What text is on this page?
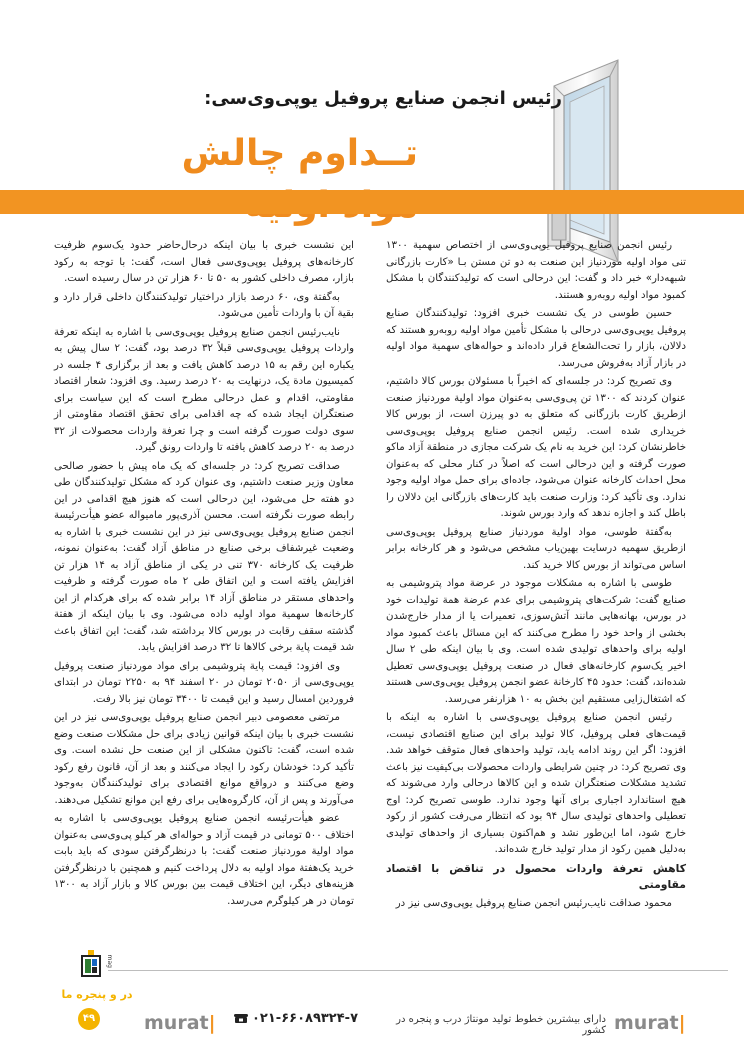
رئیس انجمن صنایع پروفیل یوپی‌وی‌سی:
تــداوم چالش

رئیس انجمن صنایع پروفیل یوپی‌وی‌سی از اختصاص سهمیة ۱۳۰۰ تنی مواد اولیه موردنیاز این صنعت به دو تن مستن بـا «کارت بازرگانی شبهه‌دار» خبر داد و گفت: این درحالی است که تولیدکنندگان با مشکل کمبود مواد اولیه روبه‌رو هستند.

حسین طوسی در یک نشست خبری افزود: تولیدکنندگان صنایع پروفیل یوپی‌وی‌سی درحالی با مشکل تأمین مواد اولیه روبه‌رو هستند که دلالان، بازار را تحت‌الشعاع قرار داده‌اند و حواله‌های سهمیة مواد اولیه در بازار آزاد به‌فروش می‌رسد.

وی تصریح کرد: در جلسه‌ای که اخیراً با مسئولان بورس کالا داشتیم، عنوان کردند که ۱۳۰۰ تن پی‌وی‌سی به‌عنوان مواد اولیة موردنیاز صنعت ازطریق کارت بازرگانی که متعلق به دو پیرزن است، از بورس کالا خریداری شده است. رئیس انجمن صنایع پروفیل یوپی‌وی‌سی خاطرنشان کرد: این خرید به نام یک شرکت مجازی در منطقة آزاد ماکو صورت گرفته و این درحالی است که اصلاً در کنار محلی که به‌عنوان محل احداث کارخانه عنوان می‌شود، جاده‌ای برای حمل مواد اولیه وجود ندارد. وی تأکید کرد: وزارت صنعت باید کارت‌های بازرگانی این دلالان را باطل کند و اجازه ندهد که وارد بورس شوند.

به‌گفتة طوسی، مواد اولیة موردنیاز صنایع پروفیل یوپی‌وی‌سی ازطریق سهمیه درسایت بهین‌یاب مشخص می‌شود و هر کارخانه برابر اساس می‌تواند از بورس کالا خرید کند.

طوسی با اشاره به مشکلات موجود در عرضة مواد پتروشیمی به صنایع گفت: شرکت‌های پتروشیمی برای عدم عرضة همة تولیدات خود در بورس، بهانه‌هایی مانند آتش‌سوزی، تعمیرات یا از مدار خارج‌شدن بخشی از واحد خود را مطرح می‌کنند که این مسائل باعث کمبود مواد اولیه برای واحدهای تولیدی شده است. وی با بیان اینکه طی ۲ سال اخیر یک‌سوم کارخانه‌های فعال در صنعت پروفیل یوپی‌وی‌سی تعطیل شده‌اند، گفت: حدود ۴۵ کارخانة عضو انجمن پروفیل یوپی‌وی‌سی هستند که اشتغال‌زایی مستقیم این بخش به ۱۰ هزارنفر می‌رسد.

رئیس انجمن صنایع پروفیل یوپی‌وی‌سی با اشاره به اینکه با قیمت‌های فعلی پروفیل، کالا تولید برای این صنایع اقتصادی نیست، افزود: اگر این روند ادامه یابد، تولید واحدهای فعال متوقف خواهد شد. وی تصریح کرد: در چنین شرایطی واردات محصولات بی‌کیفیت نیز باعث تشدید مشکلات صنعتگران شده و این کالاها درحالی وارد می‌شوند که هیچ استاندارد اجباری برای آنها وجود ندارد. طوسی تصریح کرد: اوج تعطیلی واحدهای تولیدی سال ۹۴ بود که انتظار می‌رفت کشور از رکود خارج شود، اما این‌طور نشد و هم‌اکنون بسیاری از واحدهای تولیدی به‌دلیل همین رکود از مدار تولید خارج شده‌اند.

کاهش تعرفة واردات محصول در تناقض با اقتصاد مقاومتی

محمود صداقت نایب‌رئیس انجمن صنایع پروفیل یوپی‌وی‌سی نیز در

این نشست خبری با بیان اینکه درحال‌حاضر حدود یک‌سوم ظرفیت کارخانه‌های پروفیل یوپی‌وی‌سی فعال است، گفت: با توجه به رکود بازار، مصرف داخلی کشور به ۵۰ تا ۶۰ هزار تن در سال رسیده است.

به‌گفتة وی، ۶۰ درصد بازار دراختیار تولیدکنندگان داخلی قرار دارد و بقیة آن با واردات تأمین می‌شود.

نایب‌رئیس انجمن صنایع پروفیل یوپی‌وی‌سی با اشاره به اینکه تعرفة واردات پروفیل یوپی‌وی‌سی قبلاً ۳۲ درصد بود، گفت: ۲ سال پیش به یکباره این رقم به ۱۵ درصد کاهش یافت و بعد از برگزاری ۴ جلسه در کمیسیون مادة یک، درنهایت به ۲۰ درصد رسید. وی افزود: شعار اقتصاد مقاومتی، اقدام و عمل درحالی مطرح است که این سیاست برای صنعتگران ایجاد شده که چه اقدامی برای تحقق اقتصاد مقاومتی از سوی دولت صورت گرفته است و چرا تعرفة واردات محصولات از ۳۲ درصد به ۲۰ درصد کاهش یافته تا واردات رونق گیرد.

صداقت تصریح کرد: در جلسه‌ای که یک ماه پیش با حضور صالحی معاون وزیر صنعت داشتیم، وی عنوان کرد که مشکل تولیدکنندگان طی دو هفته حل می‌شود، این درحالی است که هنوز هیچ اقدامی در این رابطه صورت نگرفته است. محسن آذری‌پور مامیواله عضو هیأت‌رئیسة انجمن صنایع پروفیل یوپی‌وی‌سی نیز در این نشست خبری با اشاره به وضعیت غیرشفاف برخی صنایع در مناطق آزاد گفت: به‌عنوان نمونه، ظرفیت یک کارخانه ۳۷۰ تنی در یکی از مناطق آزاد به ۱۴ هزار تن افزایش یافته است و این اتفاق طی ۲ ماه صورت گرفته و ظرفیت واحدهای مستقر در مناطق آزاد ۱۴ برابر شده که برای هرکدام از این کارخانه‌ها سهمیة مواد اولیه داده می‌شود. وی با بیان اینکه از هفتة گذشته سقف رقابت در بورس کالا برداشته شد، گفت: این اتفاق باعث شد قیمت پایة برخی کالاها تا ۳۲ درصد افزایش یابد.

وی افزود: قیمت پایة پتروشیمی برای مواد موردنیاز صنعت پروفیل یوپی‌وی‌سی از ۲۰۵۰ تومان در ۲۰ اسفند ۹۴ به ۲۲۵۰ تومان در ابتدای فروردین امسال رسید و این قیمت تا ۳۴۰۰ تومان نیز بالا رفت.

مرتضی معصومی دبیر انجمن صنایع پروفیل یوپی‌وی‌سی نیز در این نشست خبری با بیان اینکه قوانین زیادی برای حل مشکلات صنعت وضع شده است، گفت: تاکنون مشکلی از این صنعت حل نشده است. وی تأکید کرد: خودشان رکود را ایجاد می‌کنند و بعد از آن، قانون رفع رکود وضع می‌کنند و درواقع موانع اقتصادی برای تولیدکنندگان به‌وجود می‌آورند و پس از آن، کارگروه‌هایی برای رفع این موانع تشکیل می‌دهند.

عضو هیأت‌رئیسه انجمن صنایع پروفیل یوپی‌وی‌سی با اشاره به اختلاف ۵۰۰ تومانی در قیمت آزاد و حواله‌ای هر کیلو پی‌وی‌سی به‌عنوان مواد اولیة موردنیاز صنعت گفت: با درنظرگرفتن سودی که باید بابت خرید یک‌هفتة مواد اولیه به دلال پرداخت کنیم و همچنین با درنظرگرفتن هزینه‌های دیگر، این اختلاف قیمت بین بورس کالا و بازار آزاد به ۱۳۰۰ تومان در هر کیلوگرم می‌رسد.

murat|
دارای بیشترین خطوط تولید مونتاژ درب و پنجره در کشور
۰۲۱-۶۶۰۸۹۳۲۴-۷
murat|
mag
در و پنجره ما
۴۹
